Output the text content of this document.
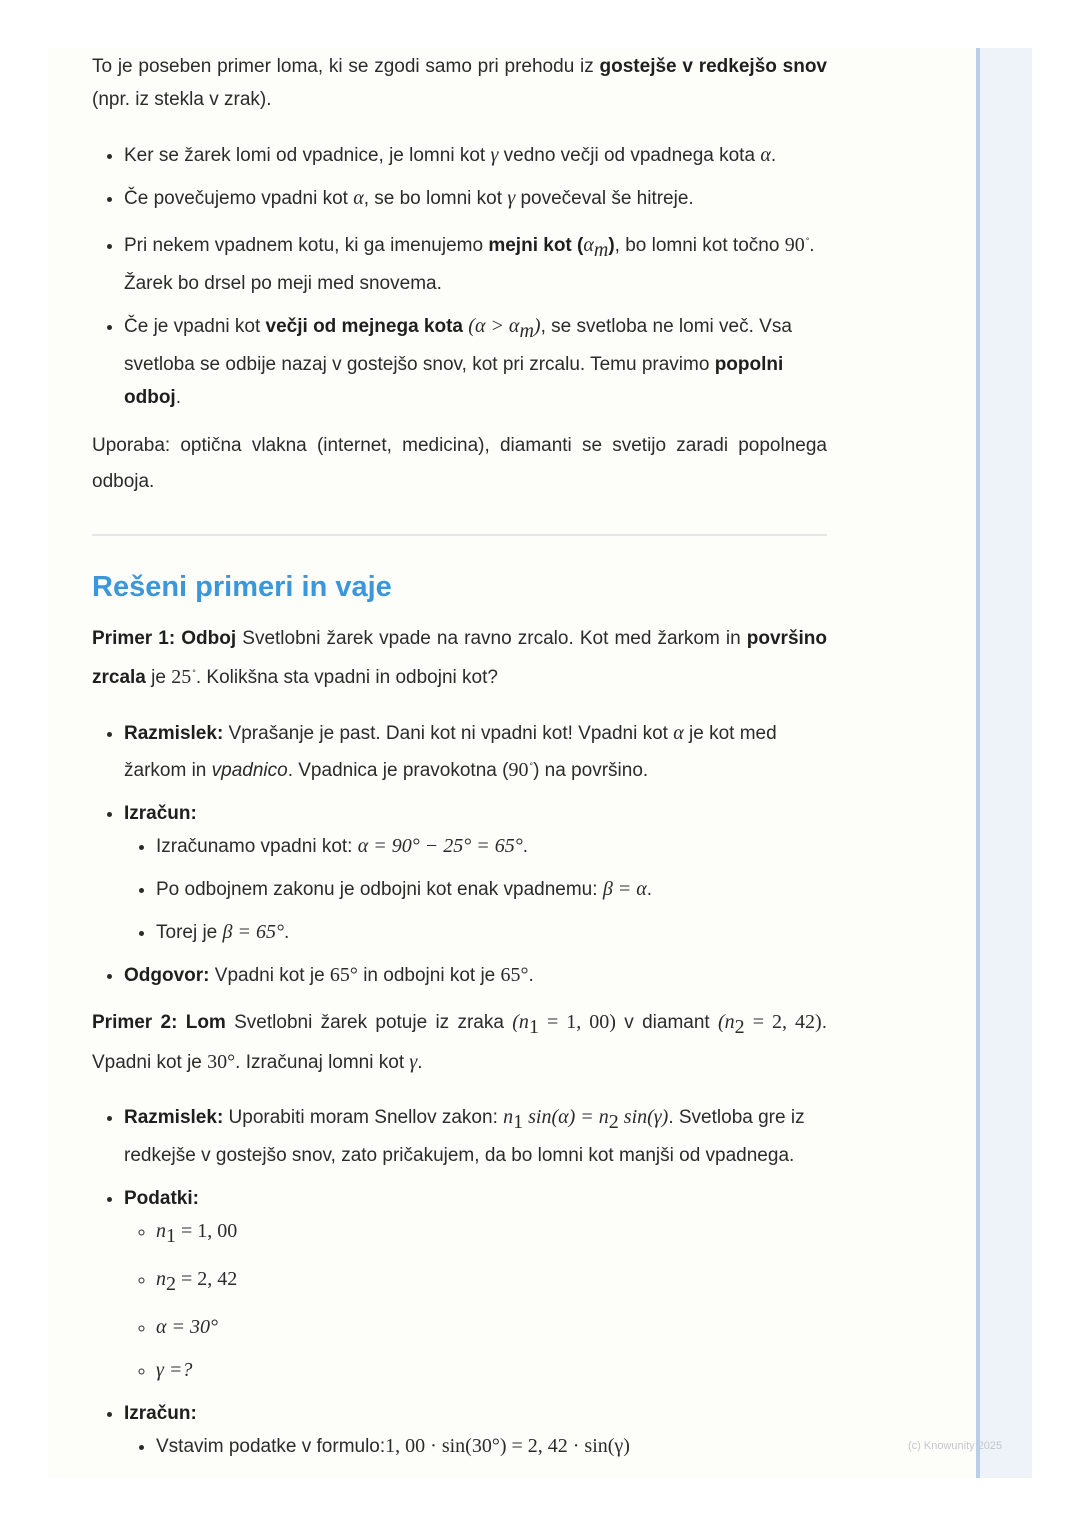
To je poseben primer loma, ki se zgodi samo pri prehodu iz gostejše v redkejšo snov (npr. iz stekla v zrak).

• Ker se žarek lomi od vpadnice, je lomni kot γ vedno večji od vpadnega kota α.
• Če povečujemo vpadni kot α, se bo lomni kot γ povečeval še hitreje.
• Pri nekem vpadnem kotu, ki ga imenujemo mejni kot $(\alpha_m)$, bo lomni kot točno 90°. Žarek bo drsel po meji med snovema.
• Če je vpadni kot večji od mejnega kota $(\alpha > \alpha_m)$, se svetloba ne lomi več. Vsa svetloba se odbije nazaj v gostejšo snov, kot pri zrcalu. Temu pravimo popolni odboj.

Uporaba: optična vlakna (internet, medicina), diamanti se svetijo zaradi popolnega odboja.

Rešeni primeri in vaje

Primer 1: Odboj Svetlobni žarek vpade na ravno zrcalo. Kot med žarkom in površino zrcala je 25°. Kolikšna sta vpadni in odbojni kot?

• Razmislek: Vprašanje je past. Dani kot ni vpadni kot! Vpadni kot α je kot med žarkom in vpadnico. Vpadnica je pravokotna (90°) na površino.
• Izračun:
• Izračunamo vpadni kot: α = 90° − 25° = 65°.
• Po odbojnem zakonu je odbojni kot enak vpadnemu: β = α.
• Torej je β = 65°.
• Odgovor: Vpadni kot je 65° in odbojni kot je 65°.

Primer 2: Lom Svetlobni žarek potuje iz zraka ($n_1 = 1$, 00) v diamant ($n_2 = 2$, 42). Vpadni kot je 30°. Izračunaj lomni kot γ.

• Razmislek: Uporabiti moram Snellov zakon: $n_1$ $\sin(\alpha) = n_2$ sin(γ). Svetloba gre iz redkejše v gostejšo snov, zato pričakujem, da bo lomni kot manjši od vpadnega.
• Podatki:
◦ $n_1 = 1$, 00
◦ $n_2 = 2$, 42
◦ α = 30°
◦ γ =?
• Izračun:
• Vstavim podatke v formulo:1, 00 · sin(30°) = 2, 42 · sin(γ)	(c) Knowunity 2025
